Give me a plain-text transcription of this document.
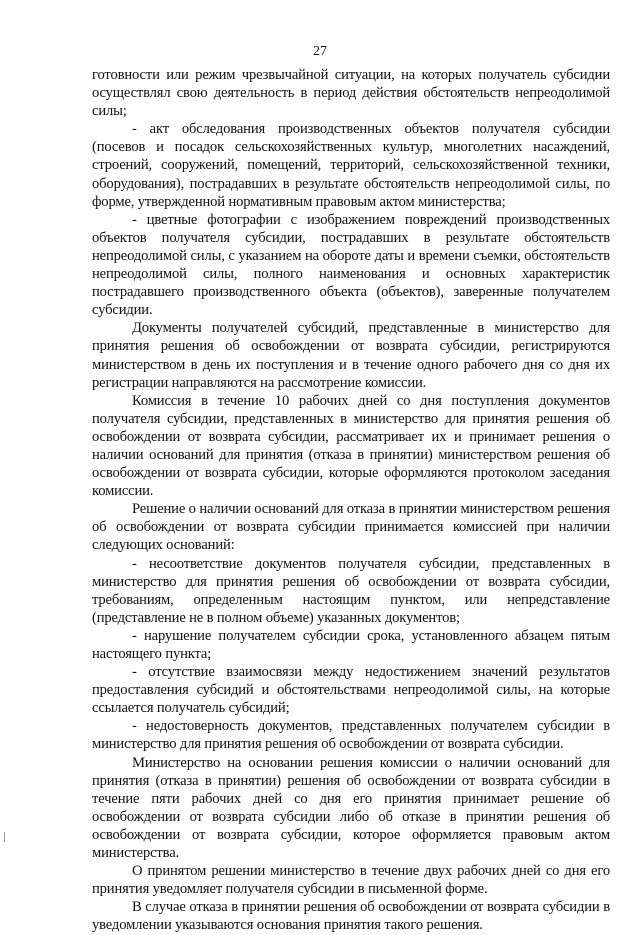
27

готовности или режим чрезвычайной ситуации, на которых получатель субсидии осуществлял свою деятельность в период действия обстоятельств непреодолимой силы;

- акт обследования производственных объектов получателя субсидии (посевов и посадок сельскохозяйственных культур, многолетних насаждений, строений, сооружений, помещений, территорий, сельскохозяйственной техники, оборудования), пострадавших в результате обстоятельств непреодолимой силы, по форме, утвержденной нормативным правовым актом министерства;

- цветные фотографии с изображением повреждений производственных объектов получателя субсидии, пострадавших в результате обстоятельств непреодолимой силы, с указанием на обороте даты и времени съемки, обстоятельств непреодолимой силы, полного наименования и основных характеристик пострадавшего производственного объекта (объектов), заверенные получателем субсидии.

Документы получателей субсидий, представленные в министерство для принятия решения об освобождении от возврата субсидии, регистрируются министерством в день их поступления и в течение одного рабочего дня со дня их регистрации направляются на рассмотрение комиссии.

Комиссия в течение 10 рабочих дней со дня поступления документов получателя субсидии, представленных в министерство для принятия решения об освобождении от возврата субсидии, рассматривает их и принимает решения о наличии оснований для принятия (отказа в принятии) министерством решения об освобождении от возврата субсидии, которые оформляются протоколом заседания комиссии.

Решение о наличии оснований для отказа в принятии министерством решения об освобождении от возврата субсидии принимается комиссией при наличии следующих оснований:

- несоответствие документов получателя субсидии, представленных в министерство для принятия решения об освобождении от возврата субсидии, требованиям, определенным настоящим пунктом, или непредставление (представление не в полном объеме) указанных документов;

- нарушение получателем субсидии срока, установленного абзацем пятым настоящего пункта;

- отсутствие взаимосвязи между недостижением значений результатов предоставления субсидий и обстоятельствами непреодолимой силы, на которые ссылается получатель субсидий;

- недостоверность документов, представленных получателем субсидии в министерство для принятия решения об освобождении от возврата субсидии.

Министерство на основании решения комиссии о наличии оснований для принятия (отказа в принятии) решения об освобождении от возврата субсидии в течение пяти рабочих дней со дня его принятия принимает решение об освобождении от возврата субсидии либо об отказе в принятии решения об освобождении от возврата субсидии, которое оформляется правовым актом министерства.

О принятом решении министерство в течение двух рабочих дней со дня его принятия уведомляет получателя субсидии в письменной форме.

В случае отказа в принятии решения об освобождении от возврата субсидии в уведомлении указываются основания принятия такого решения.
